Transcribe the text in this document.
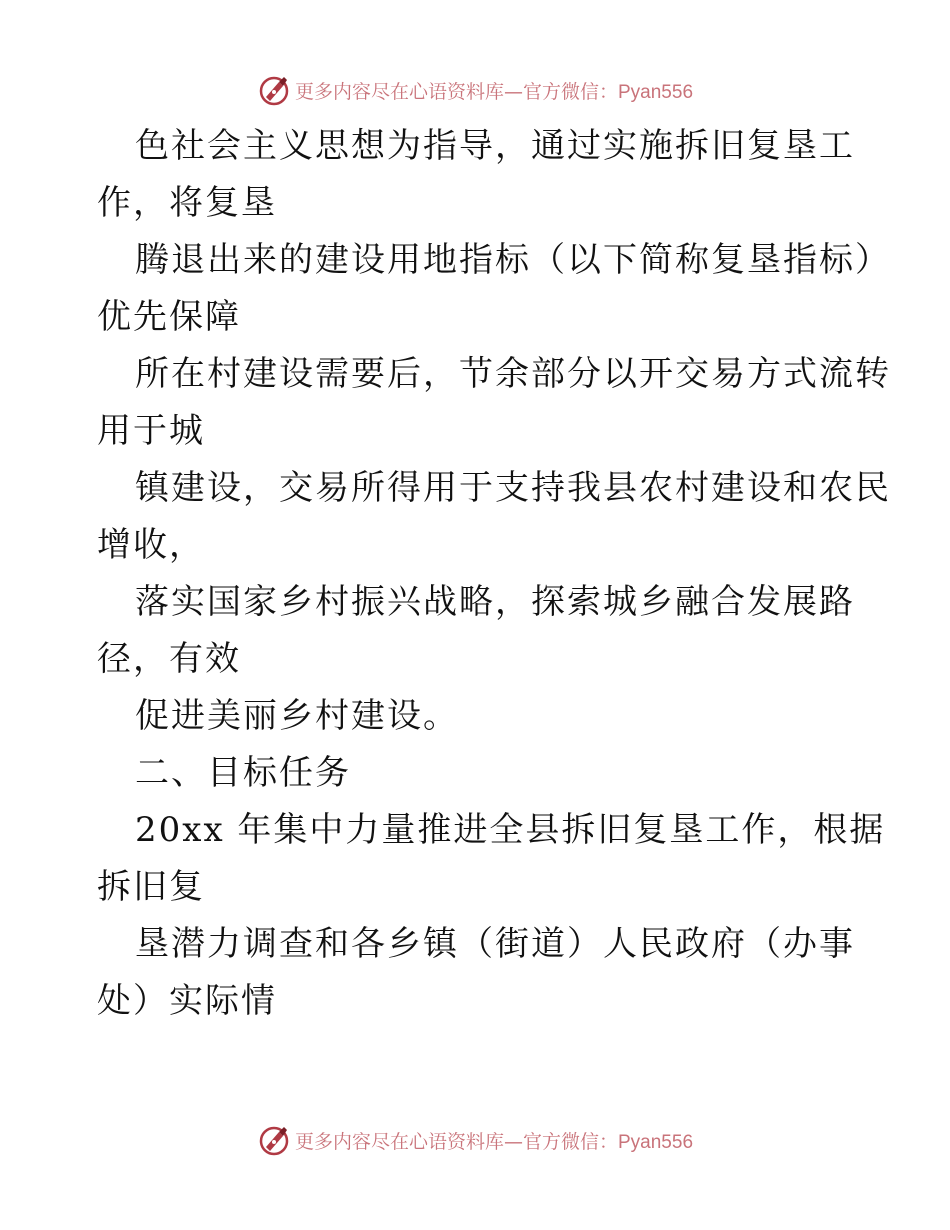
更多内容尽在心语资料库—官方微信：Pyan556

色社会主义思想为指导，通过实施拆旧复垦工
作，将复垦

腾退出来的建设用地指标（以下简称复垦指标）
优先保障

所在村建设需要后，节余部分以开交易方式流转
用于城

镇建设，交易所得用于支持我县农村建设和农民
增收，

落实国家乡村振兴战略，探索城乡融合发展路
径，有效

促进美丽乡村建设。

二、目标任务

20xx 年集中力量推进全县拆旧复垦工作，根据
拆旧复

垦潜力调查和各乡镇（街道）人民政府（办事
处）实际情

更多内容尽在心语资料库—官方微信：Pyan556
